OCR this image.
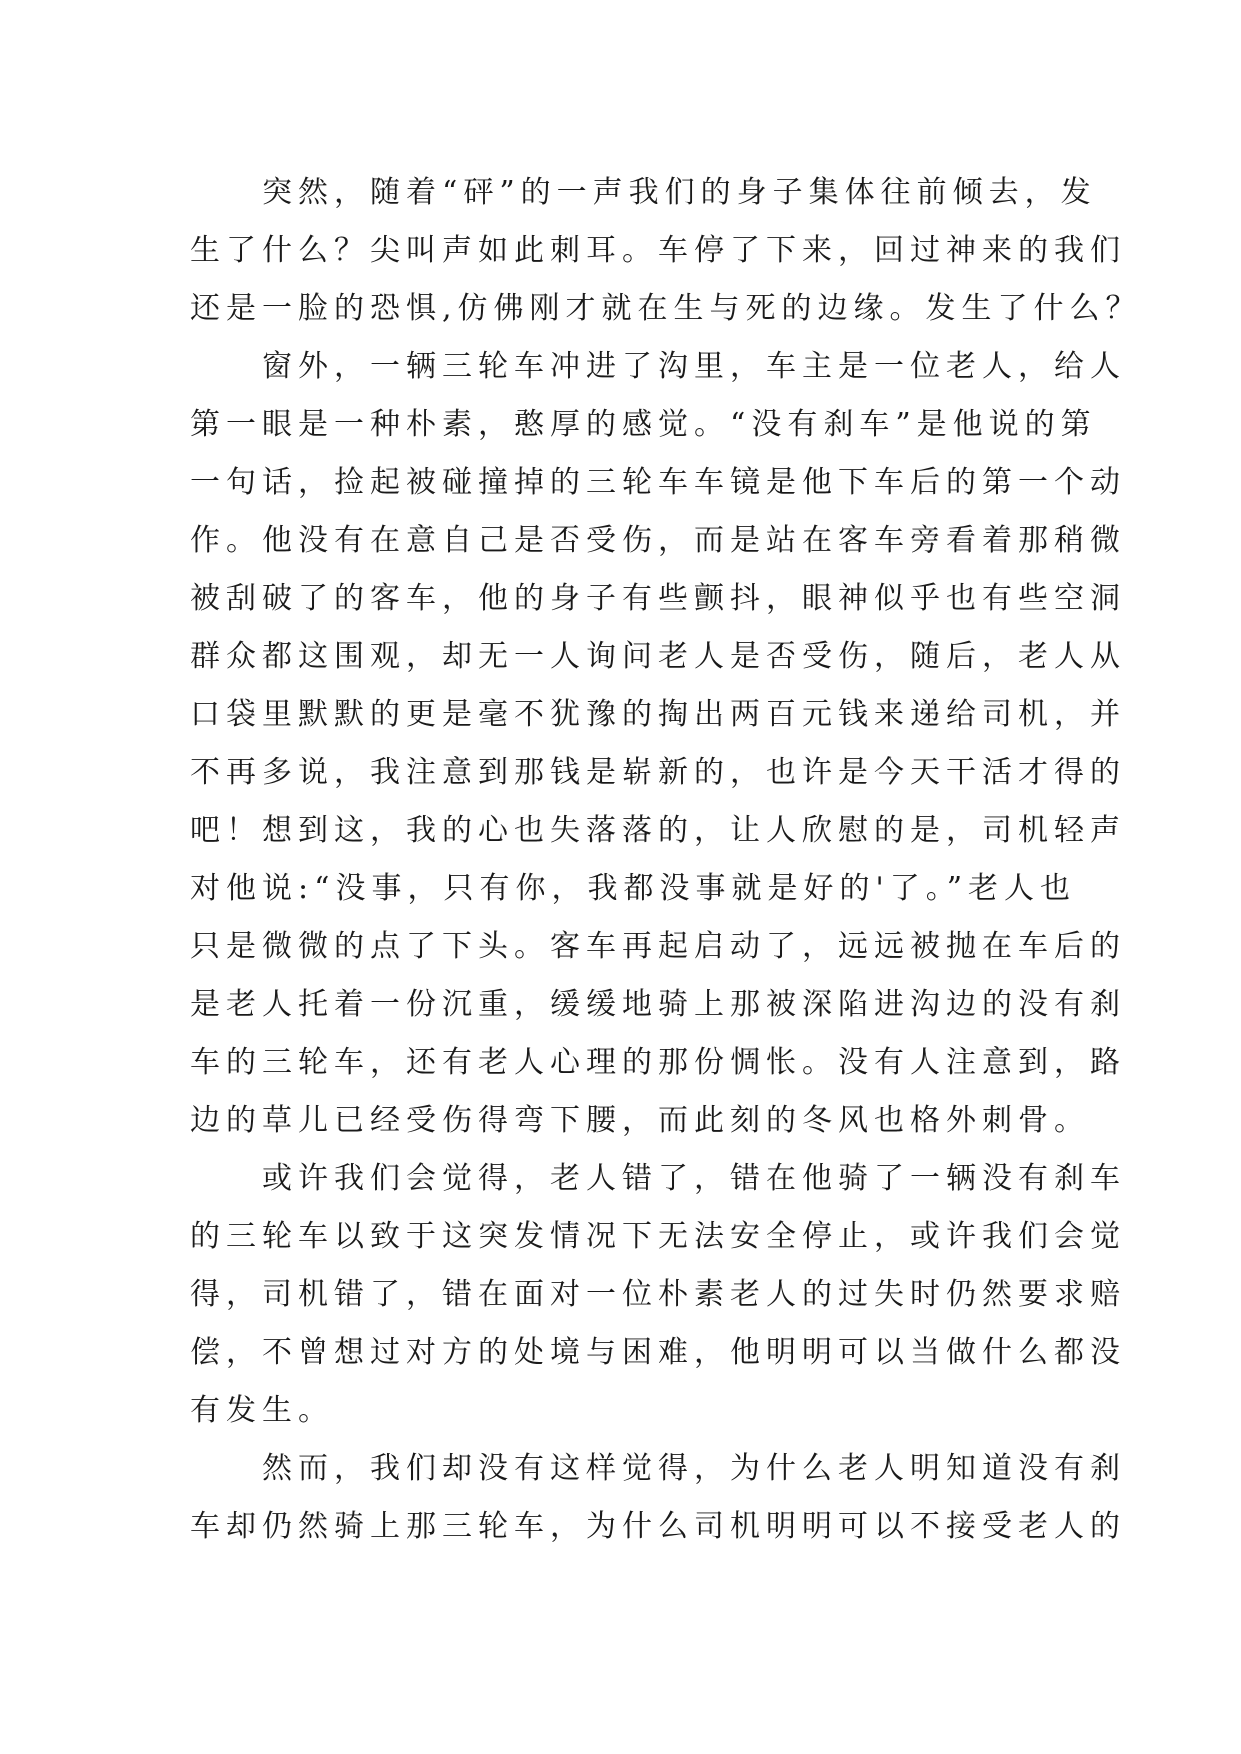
　　突然，随着“砰”的一声我们的身子集体往前倾去，发
生了什么？尖叫声如此刺耳。车停了下来，回过神来的我们
还是一脸的恐惧,仿佛刚才就在生与死的边缘。发生了什么？
　　窗外，一辆三轮车冲进了沟里，车主是一位老人，给人
第一眼是一种朴素，憨厚的感觉。“没有刹车”是他说的第
一句话，捡起被碰撞掉的三轮车车镜是他下车后的第一个动
作。他没有在意自己是否受伤，而是站在客车旁看着那稍微
被刮破了的客车，他的身子有些颤抖，眼神似乎也有些空洞
群众都这围观，却无一人询问老人是否受伤，随后，老人从
口袋里默默的更是毫不犹豫的掏出两百元钱来递给司机，并
不再多说，我注意到那钱是崭新的，也许是今天干活才得的
吧！想到这，我的心也失落落的，让人欣慰的是，司机轻声
对他说:“没事，只有你，我都没事就是好的'了。”老人也
只是微微的点了下头。客车再起启动了，远远被抛在车后的
是老人托着一份沉重，缓缓地骑上那被深陷进沟边的没有刹
车的三轮车，还有老人心理的那份惆怅。没有人注意到，路
边的草儿已经受伤得弯下腰，而此刻的冬风也格外刺骨。
　　或许我们会觉得，老人错了，错在他骑了一辆没有刹车
的三轮车以致于这突发情况下无法安全停止，或许我们会觉
得，司机错了，错在面对一位朴素老人的过失时仍然要求赔
偿，不曾想过对方的处境与困难，他明明可以当做什么都没
有发生。
　　然而，我们却没有这样觉得，为什么老人明知道没有刹
车却仍然骑上那三轮车，为什么司机明明可以不接受老人的
